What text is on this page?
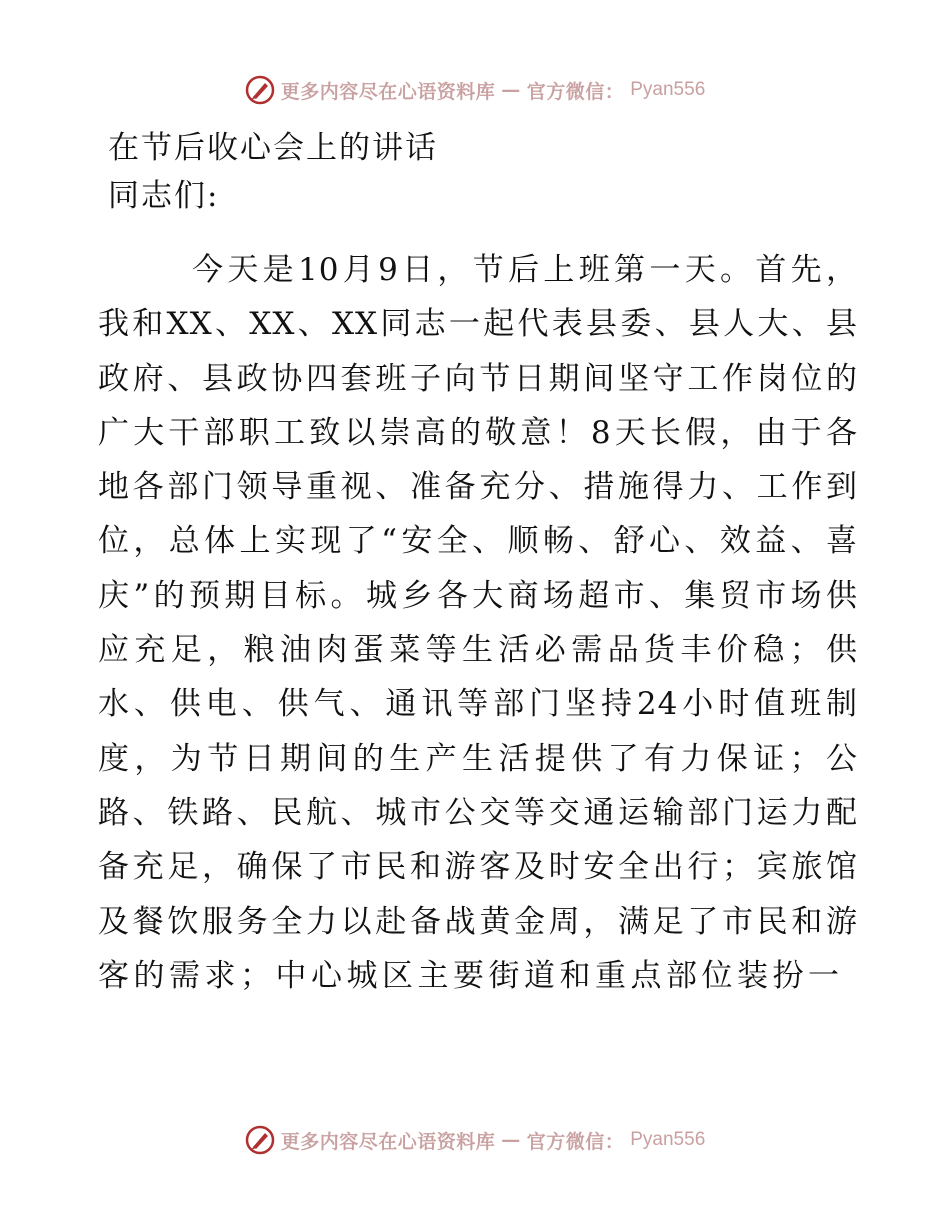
更多内容尽在心语资料库 — 官方微信： Pyan556
在节后收心会上的讲话
同志们:
今天是10月9日，节后上班第一天。首先，
我和XX、XX、XX同志一起代表县委、县人大、县
政府、县政协四套班子向节日期间坚守工作岗位的
广大干部职工致以崇高的敬意！8天长假，由于各
地各部门领导重视、准备充分、措施得力、工作到
位，总体上实现了“安全、顺畅、舒心、效益、喜
庆”的预期目标。城乡各大商场超市、集贸市场供
应充足，粮油肉蛋菜等生活必需品货丰价稳；供
水、供电、供气、通讯等部门坚持24小时值班制
度，为节日期间的生产生活提供了有力保证；公
路、铁路、民航、城市公交等交通运输部门运力配
备充足，确保了市民和游客及时安全出行；宾旅馆
及餐饮服务全力以赴备战黄金周，满足了市民和游
客的需求；中心城区主要街道和重点部位装扮一
更多内容尽在心语资料库 — 官方微信： Pyan556
